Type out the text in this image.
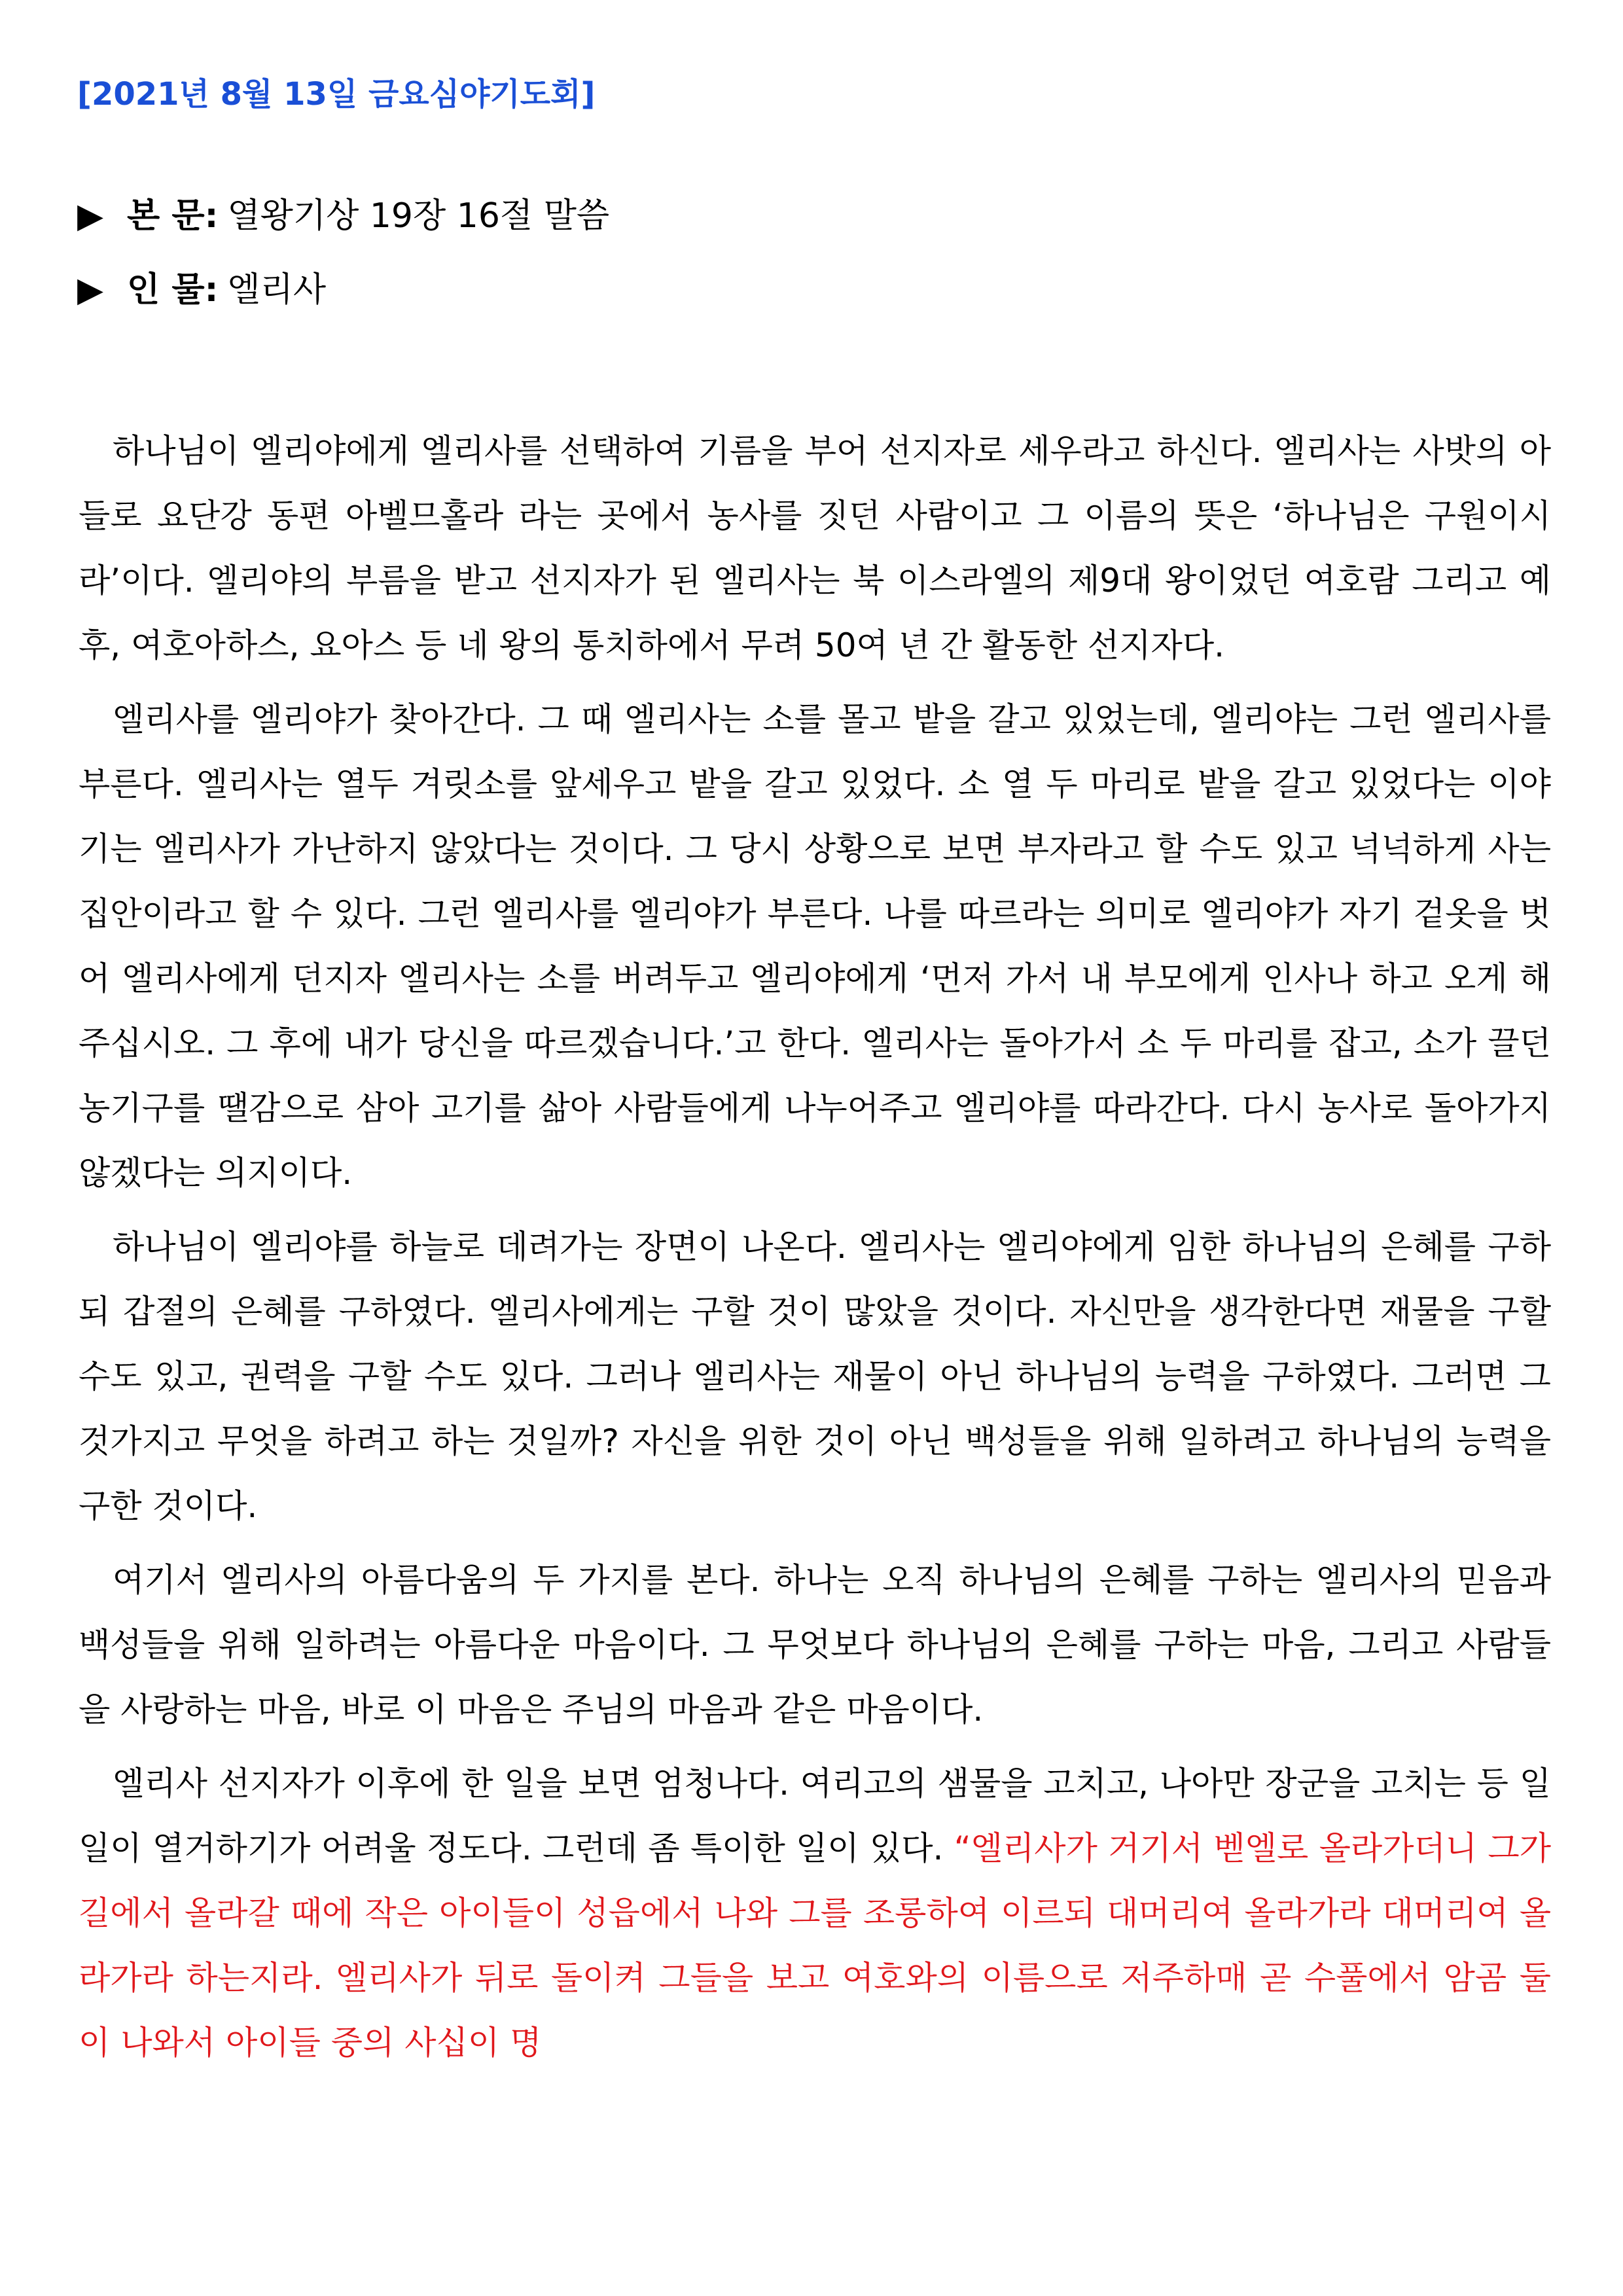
[2021년 8월 13일 금요심야기도회]
▶ 본 문: 열왕기상 19장 16절 말씀
▶ 인 물: 엘리사

하나님이 엘리야에게 엘리사를 선택하여 기름을 부어 선지자로 세우라고 하신다. 엘리사는 사밧의 아들로 요단강 동편 아벨므홀라 라는 곳에서 농사를 짓던 사람이고 그 이름의 뜻은 ‘하나님은 구원이시라’이다. 엘리야의 부름을 받고 선지자가 된 엘리사는 북 이스라엘의 제9대 왕이었던 여호람 그리고 예후, 여호아하스, 요아스 등 네 왕의 통치하에서 무려 50여 년 간 활동한 선지자다.

엘리사를 엘리야가 찾아간다. 그 때 엘리사는 소를 몰고 밭을 갈고 있었는데, 엘리야는 그런 엘리사를 부른다. 엘리사는 열두 겨릿소를 앞세우고 밭을 갈고 있었다. 소 열 두 마리로 밭을 갈고 있었다는 이야기는 엘리사가 가난하지 않았다는 것이다. 그 당시 상황으로 보면 부자라고 할 수도 있고 넉넉하게 사는 집안이라고 할 수 있다. 그런 엘리사를 엘리야가 부른다. 나를 따르라는 의미로 엘리야가 자기 겉옷을 벗어 엘리사에게 던지자 엘리사는 소를 버려두고 엘리야에게 ‘먼저 가서 내 부모에게 인사나 하고 오게 해 주십시오. 그 후에 내가 당신을 따르겠습니다.’고 한다. 엘리사는 돌아가서 소 두 마리를 잡고, 소가 끌던 농기구를 땔감으로 삼아 고기를 삶아 사람들에게 나누어주고 엘리야를 따라간다. 다시 농사로 돌아가지 않겠다는 의지이다.

하나님이 엘리야를 하늘로 데려가는 장면이 나온다. 엘리사는 엘리야에게 임한 하나님의 은혜를 구하되 갑절의 은혜를 구하였다. 엘리사에게는 구할 것이 많았을 것이다. 자신만을 생각한다면 재물을 구할 수도 있고, 권력을 구할 수도 있다. 그러나 엘리사는 재물이 아닌 하나님의 능력을 구하였다. 그러면 그것가지고 무엇을 하려고 하는 것일까? 자신을 위한 것이 아닌 백성들을 위해 일하려고 하나님의 능력을 구한 것이다.

여기서 엘리사의 아름다움의 두 가지를 본다. 하나는 오직 하나님의 은혜를 구하는 엘리사의 믿음과 백성들을 위해 일하려는 아름다운 마음이다. 그 무엇보다 하나님의 은혜를 구하는 마음, 그리고 사람들을 사랑하는 마음, 바로 이 마음은 주님의 마음과 같은 마음이다.

엘리사 선지자가 이후에 한 일을 보면 엄청나다. 여리고의 샘물을 고치고, 나아만 장군을 고치는 등 일일이 열거하기가 어려울 정도다. 그런데 좀 특이한 일이 있다. “엘리사가 거기서 벧엘로 올라가더니 그가 길에서 올라갈 때에 작은 아이들이 성읍에서 나와 그를 조롱하여 이르되 대머리여 올라가라 대머리여 올라가라 하는지라. 엘리사가 뒤로 돌이켜 그들을 보고 여호와의 이름으로 저주하매 곧 수풀에서 암곰 둘이 나와서 아이들 중의 사십이 명
